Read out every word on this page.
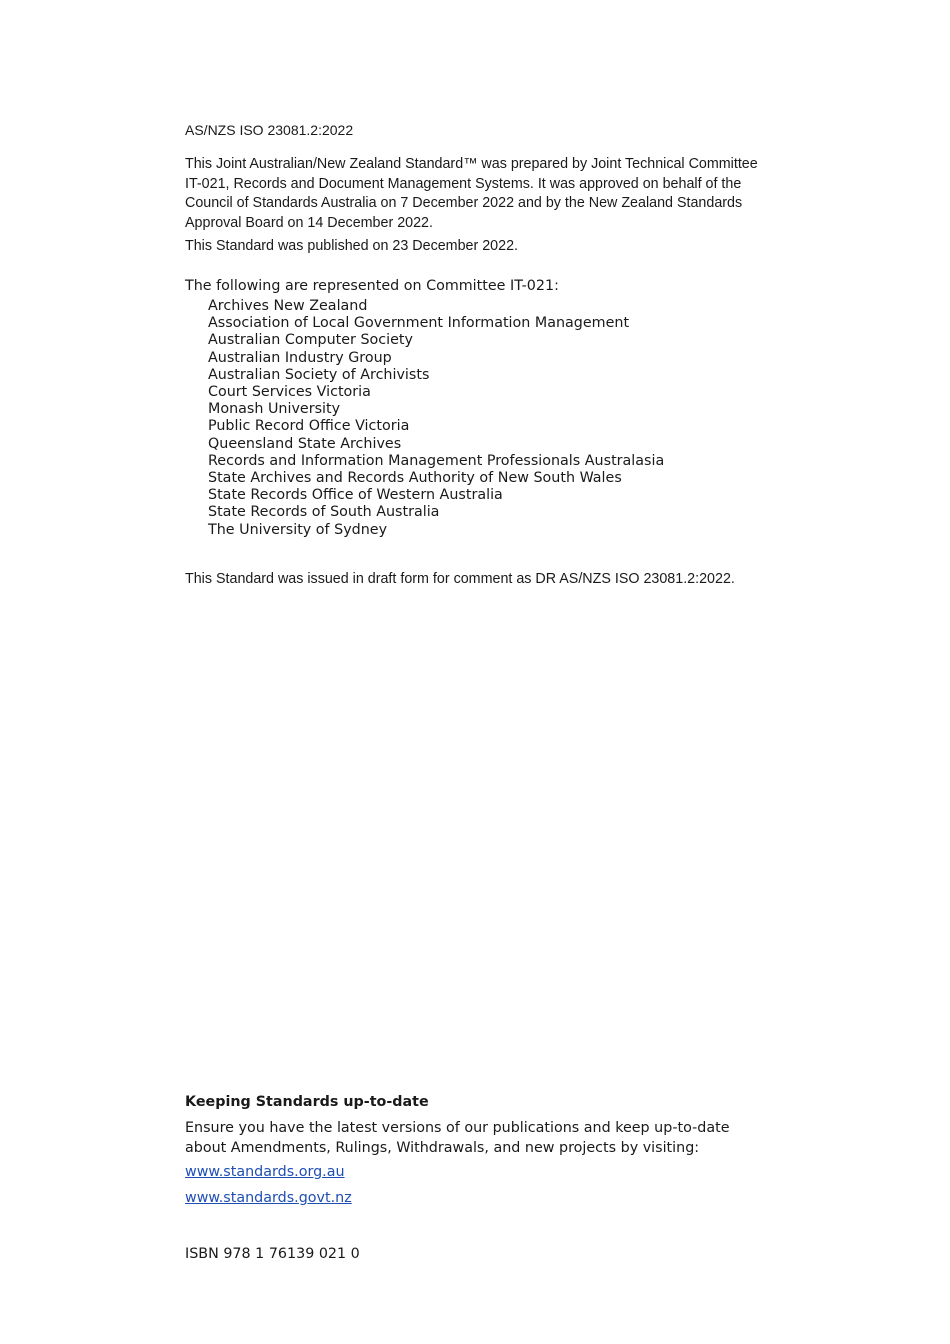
AS/NZS ISO 23081.2:2022
This Joint Australian/New Zealand Standard™ was prepared by Joint Technical Committee IT-021, Records and Document Management Systems. It was approved on behalf of the Council of Standards Australia on 7 December 2022 and by the New Zealand Standards Approval Board on 14 December 2022.
This Standard was published on 23 December 2022.
The following are represented on Committee IT-021:
Archives New Zealand
Association of Local Government Information Management
Australian Computer Society
Australian Industry Group
Australian Society of Archivists
Court Services Victoria
Monash University
Public Record Office Victoria
Queensland State Archives
Records and Information Management Professionals Australasia
State Archives and Records Authority of New South Wales
State Records Office of Western Australia
State Records of South Australia
The University of Sydney
This Standard was issued in draft form for comment as DR AS/NZS ISO 23081.2:2022.
Keeping Standards up-to-date
Ensure you have the latest versions of our publications and keep up-to-date about Amendments, Rulings, Withdrawals, and new projects by visiting:
www.standards.org.au
www.standards.govt.nz
ISBN 978 1 76139 021 0
